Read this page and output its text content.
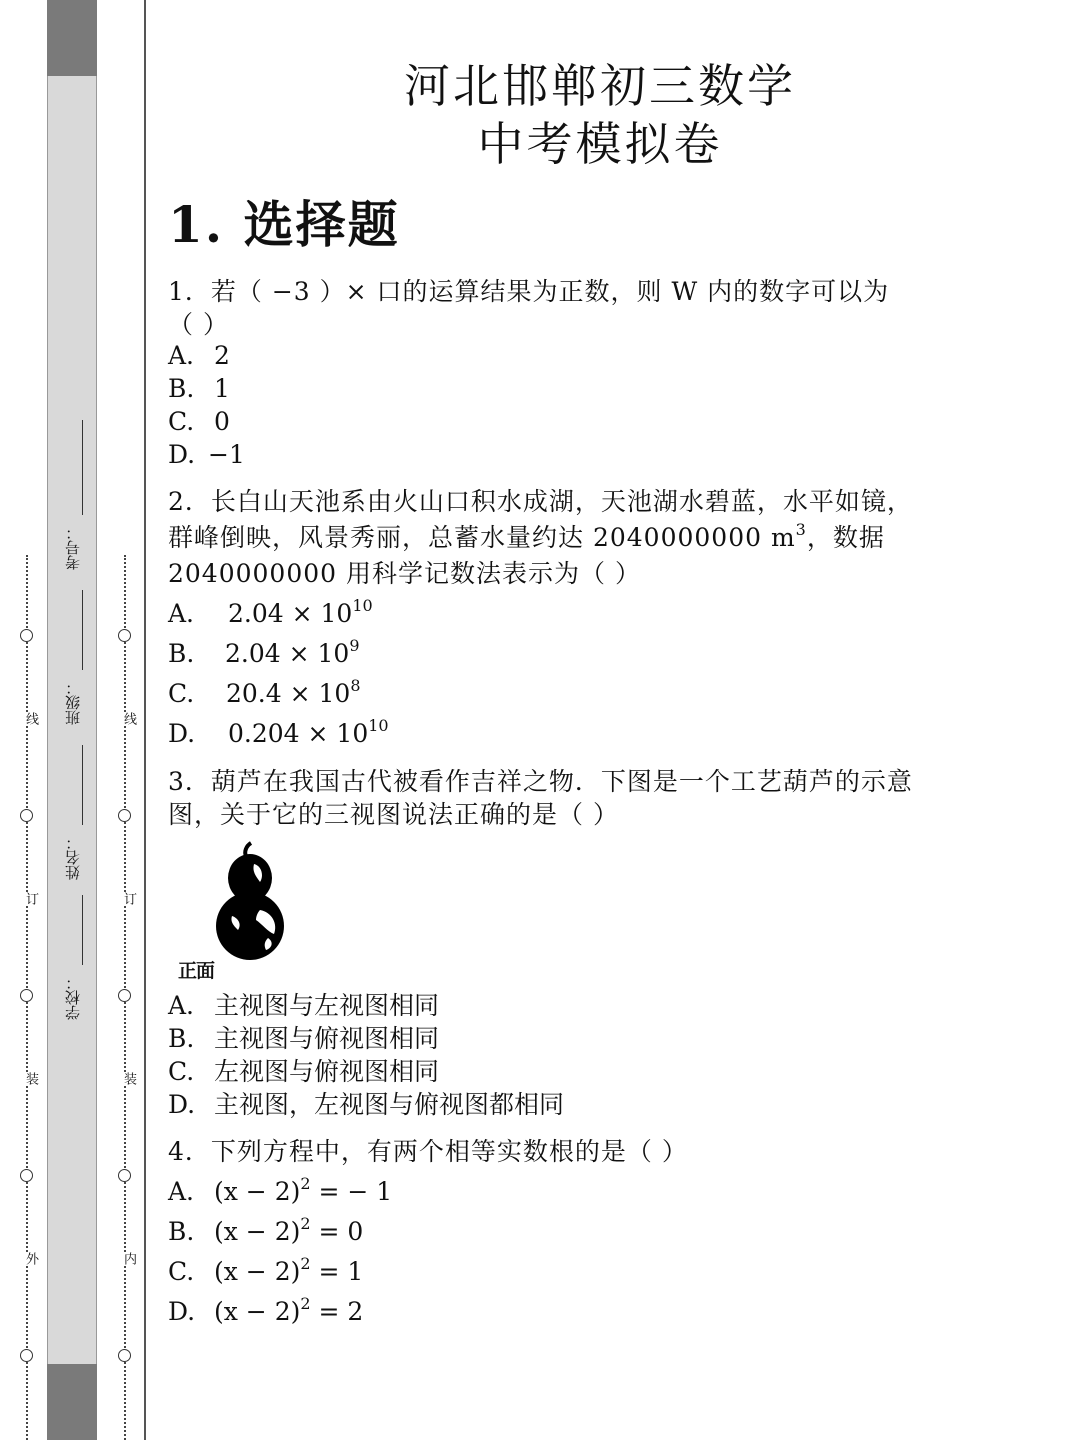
线
订
装
外
线
订
装
内
考号：
班级：
姓名：
学校：
河北邯郸初三数学
中考模拟卷
1. 选择题
1．若（ −3 ）× 口的运算结果为正数，则 W 内的数字可以为（ ）
A. 2
B. 1
C. 0
D. −1
2．长白山天池系由火山口积水成湖，天池湖水碧蓝，水平如镜，群峰倒映，风景秀丽，总蓄水量约达 2040000000 $m^3$，数据 2040000000 用科学记数法表示为（ ）
A. $2.04 \times 10^{10}$
B. $2.04 \times 10^9$
C. $20.4 \times 10^8$
D. $0.204 \times 10^{10}$
3．葫芦在我国古代被看作吉祥之物．下图是一个工艺葫芦的示意图，关于它的三视图说法正确的是（ ）
正面
A. 主视图与左视图相同
B. 主视图与俯视图相同
C. 左视图与俯视图相同
D. 主视图，左视图与俯视图都相同
4．下列方程中，有两个相等实数根的是（ ）
A. $(x - 2)^2$ = − 1
B. $(x - 2)^2 = 0$
C. $(x - 2)^2 = 1$
D. $(x - 2)^2 = 2$
